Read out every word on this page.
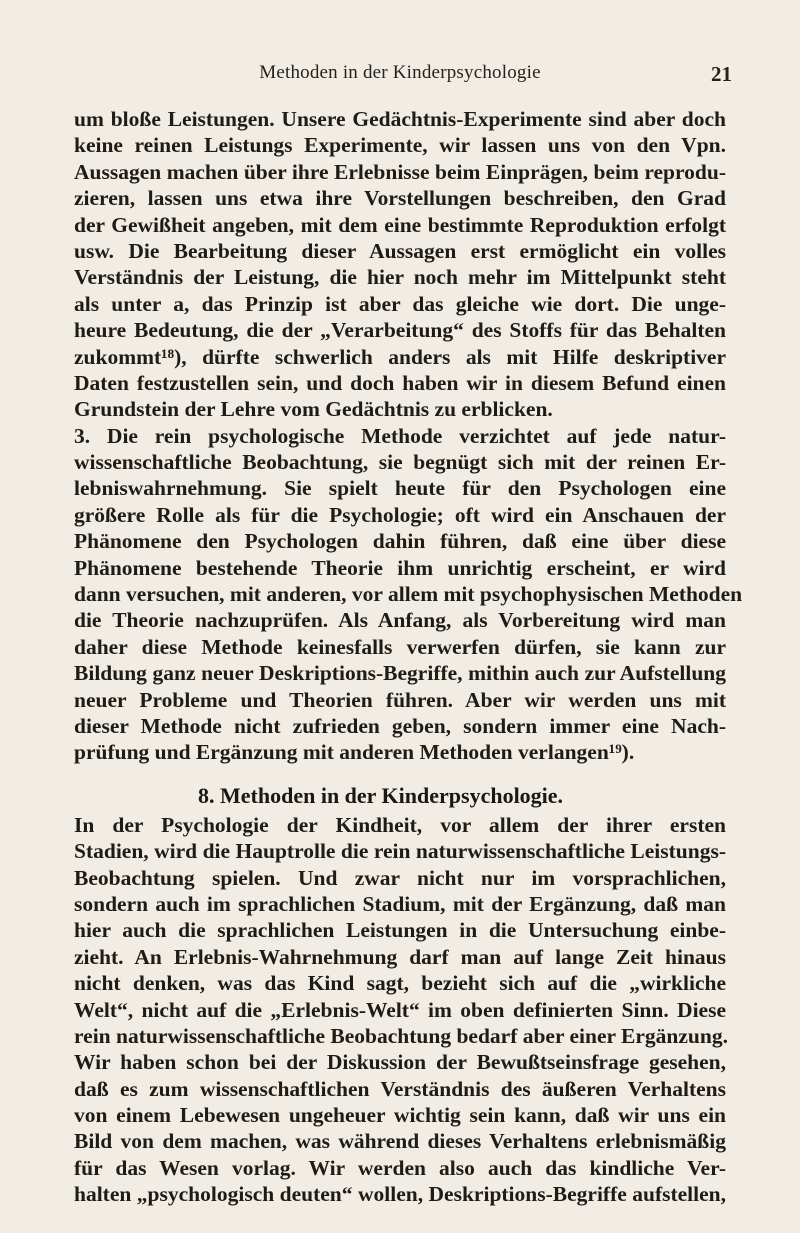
Methoden in der Kinderpsychologie	21
um bloße Leistungen. Unsere Gedächtnis-Experimente sind aber doch
keine reinen Leistungs Experimente, wir lassen uns von den Vpn.
Aussagen machen über ihre Erlebnisse beim Einprägen, beim reprodu-
zieren, lassen uns etwa ihre Vorstellungen beschreiben, den Grad
der Gewißheit angeben, mit dem eine bestimmte Reproduktion erfolgt
usw. Die Bearbeitung dieser Aussagen erst ermöglicht ein volles
Verständnis der Leistung, die hier noch mehr im Mittelpunkt steht
als unter a, das Prinzip ist aber das gleiche wie dort. Die unge-
heure Bedeutung, die der „Verarbeitung“ des Stoffs für das Behalten
zukommt¹⁸), dürfte schwerlich anders als mit Hilfe deskriptiver
Daten festzustellen sein, und doch haben wir in diesem Befund einen
Grundstein der Lehre vom Gedächtnis zu erblicken.
3. Die rein psychologische Methode verzichtet auf jede natur-
wissenschaftliche Beobachtung, sie begnügt sich mit der reinen Er-
lebniswahrnehmung. Sie spielt heute für den Psychologen eine
größere Rolle als für die Psychologie; oft wird ein Anschauen der
Phänomene den Psychologen dahin führen, daß eine über diese
Phänomene bestehende Theorie ihm unrichtig erscheint, er wird
dann versuchen, mit anderen, vor allem mit psychophysischen Methoden
die Theorie nachzuprüfen. Als Anfang, als Vorbereitung wird man
daher diese Methode keinesfalls verwerfen dürfen, sie kann zur
Bildung ganz neuer Deskriptions-Begriffe, mithin auch zur Aufstellung
neuer Probleme und Theorien führen. Aber wir werden uns mit
dieser Methode nicht zufrieden geben, sondern immer eine Nach-
prüfung und Ergänzung mit anderen Methoden verlangen¹⁹).
8. Methoden in der Kinderpsychologie.
In der Psychologie der Kindheit, vor allem der ihrer ersten
Stadien, wird die Hauptrolle die rein naturwissenschaftliche Leistungs-
Beobachtung spielen. Und zwar nicht nur im vorsprachlichen,
sondern auch im sprachlichen Stadium, mit der Ergänzung, daß man
hier auch die sprachlichen Leistungen in die Untersuchung einbe-
zieht. An Erlebnis-Wahrnehmung darf man auf lange Zeit hinaus
nicht denken, was das Kind sagt, bezieht sich auf die „wirkliche
Welt“, nicht auf die „Erlebnis-Welt“ im oben definierten Sinn. Diese
rein naturwissenschaftliche Beobachtung bedarf aber einer Ergänzung.
Wir haben schon bei der Diskussion der Bewußtseinsfrage gesehen,
daß es zum wissenschaftlichen Verständnis des äußeren Verhaltens
von einem Lebewesen ungeheuer wichtig sein kann, daß wir uns ein
Bild von dem machen, was während dieses Verhaltens erlebnismäßig
für das Wesen vorlag. Wir werden also auch das kindliche Ver-
halten „psychologisch deuten“ wollen, Deskriptions-Begriffe aufstellen,
